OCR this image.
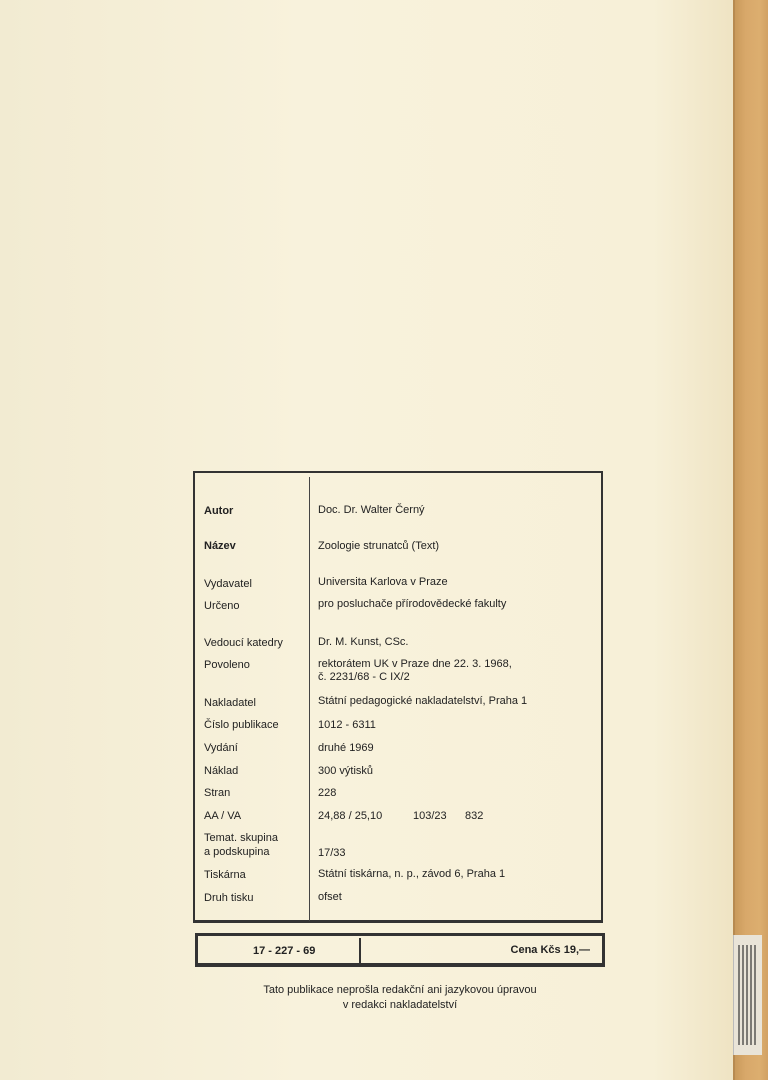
Autor	Doc. Dr. Walter Černý
Název	Zoologie strunatců (Text)
Vydavatel	Universita Karlova v Praze
Určeno	pro posluchače přírodovědecké fakulty
Vedoucí katedry	Dr. M. Kunst, CSc.
Povoleno	rektorátem UK v Praze dne 22. 3. 1968,
č. 2231/68 - C IX/2
Nakladatel	Státní pedagogické nakladatelství, Praha 1
Číslo publikace	1012 - 6311
Vydání	druhé 1969
Náklad	300 výtisků
Stran	228
AA / VA	24,88 / 25,10	103/23 832
Temat. skupina
a podskupina	17/33
Tiskárna	Státní tiskárna, n. p., závod 6, Praha 1
Druh tisku	ofset
17 - 227 - 69	Cena Kčs 19,—
Tato publikace neprošla redakční ani jazykovou úpravou
v redakci nakladatelství
